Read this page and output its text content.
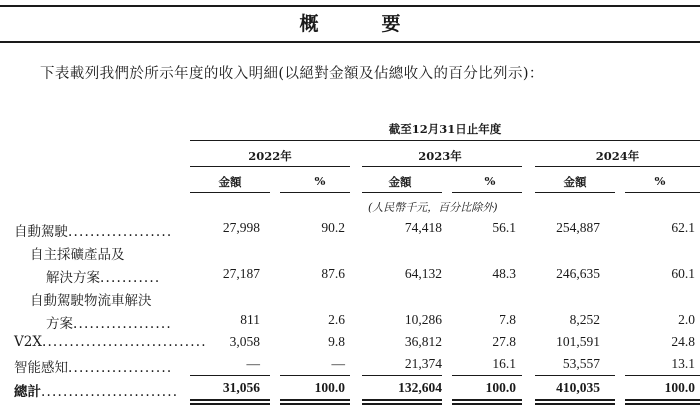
概　要
下表載列我們於所示年度的收入明細(以絕對金額及佔總收入的百分比列示)：
截至12月31日止年度
2022年	2023年	2024年
金額	%	金額	%	金額	%
(人民幣千元，百分比除外)
自動駕駛...................	27,998	90.2	74,418	56.1	254,887	62.1
自主採礦產品及
解決方案...........	27,187	87.6	64,132	48.3	246,635	60.1
自動駕駛物流車解決
方案..................	811	2.6	10,286	7.8	8,252	2.0
V2X..............................	3,058	9.8	36,812	27.8	101,591	24.8
智能感知...................	—	—	21,374	16.1	53,557	13.1
總計.........................	31,056	100.0	132,604	100.0	410,035	100.0
